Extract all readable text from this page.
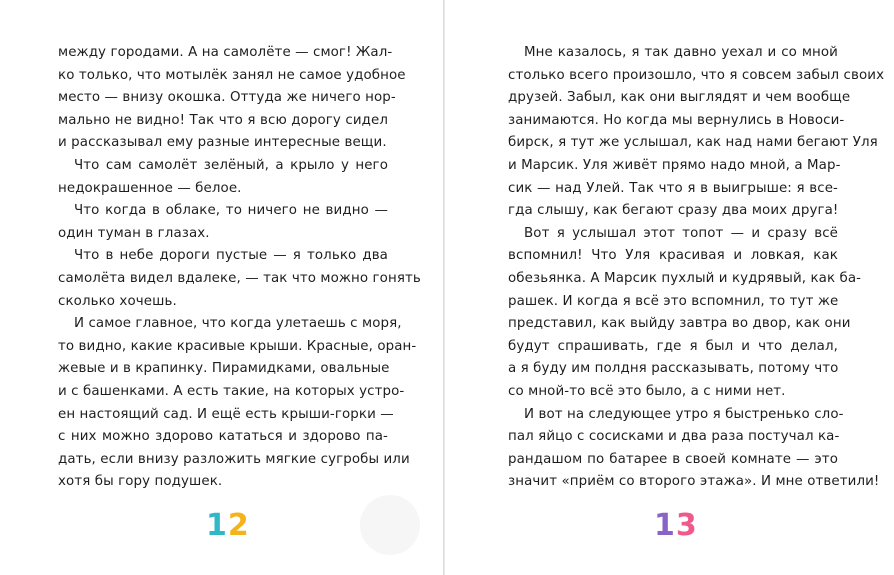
между городами. А на самолёте — смог! Жал-
ко только, что мотылёк занял не самое удобное
место — внизу окошка. Оттуда же ничего нор-
мально не видно! Так что я всю дорогу сидел
и рассказывал ему разные интересные вещи.
Что сам самолёт зелёный, а крыло у него
недокрашенное — белое.
Что когда в облаке, то ничего не видно —
один туман в глазах.
Что в небе дороги пустые — я только два
самолёта видел вдалеке, — так что можно гонять
сколько хочешь.
И самое главное, что когда улетаешь с моря,
то видно, какие красивые крыши. Красные, оран-
жевые и в крапинку. Пирамидками, овальные
и с башенками. А есть такие, на которых устро-
ен настоящий сад. И ещё есть крыши-горки —
с них можно здорово кататься и здорово па-
дать, если внизу разложить мягкие сугробы или
хотя бы гору подушек.
12
Мне казалось, я так давно уехал и со мной
столько всего произошло, что я совсем забыл своих
друзей. Забыл, как они выглядят и чем вообще
занимаются. Но когда мы вернулись в Новоси-
бирск, я тут же услышал, как над нами бегают Уля
и Марсик. Уля живёт прямо надо мной, а Мар-
сик — над Улей. Так что я в выигрыше: я все-
гда слышу, как бегают сразу два моих друга!
Вот я услышал этот топот — и сразу всё
вспомнил! Что Уля красивая и ловкая, как
обезьянка. А Марсик пухлый и кудрявый, как ба-
рашек. И когда я всё это вспомнил, то тут же
представил, как выйду завтра во двор, как они
будут спрашивать, где я был и что делал,
а я буду им полдня рассказывать, потому что
со мной-то всё это было, а с ними нет.
И вот на следующее утро я быстренько сло-
пал яйцо с сосисками и два раза постучал ка-
рандашом по батарее в своей комнате — это
значит «приём со второго этажа». И мне ответили!
13
